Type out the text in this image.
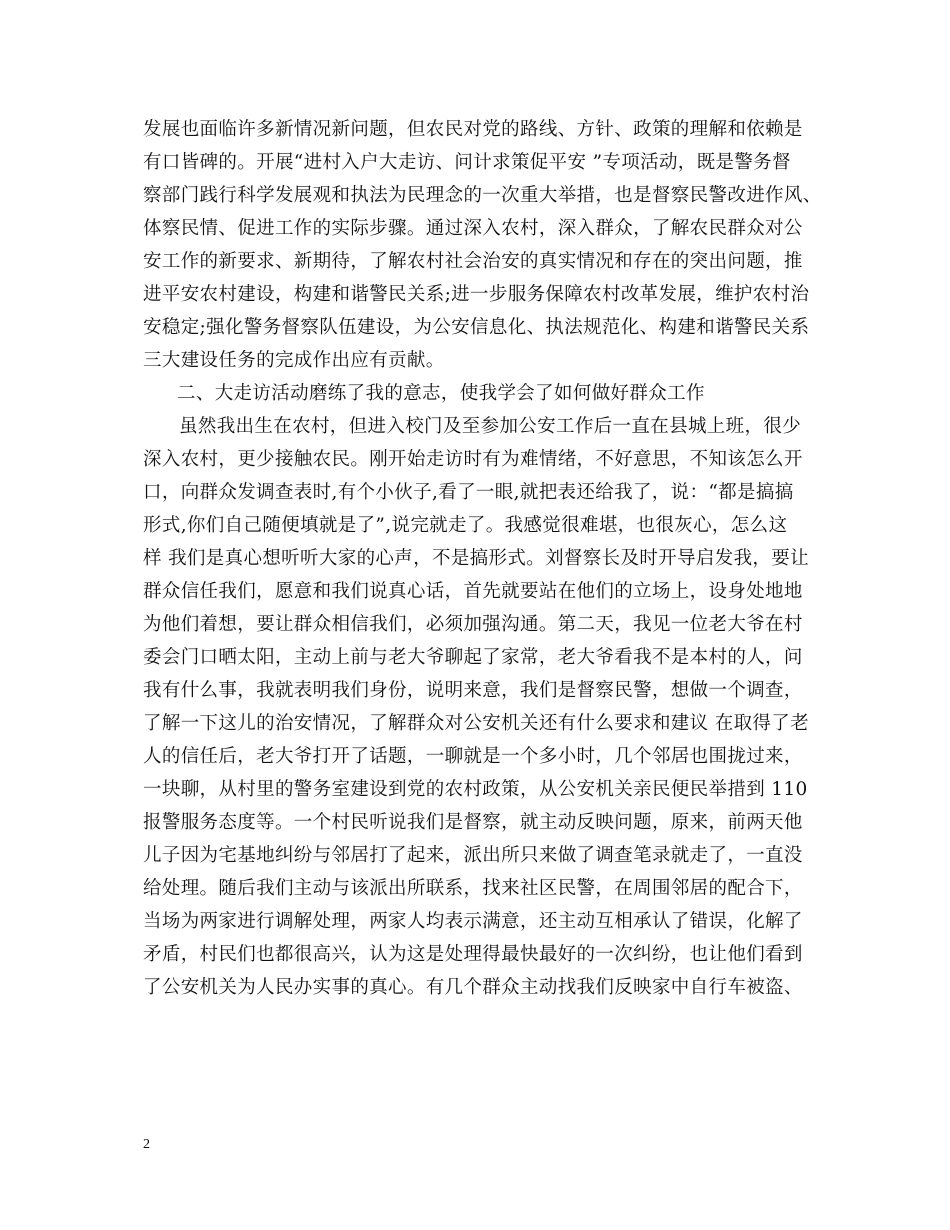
发展也面临许多新情况新问题，但农民对党的路线、方针、政策的理解和依赖是
有口皆碑的。开展“进村入户大走访、问计求策促平安 ”专项活动，既是警务督
察部门践行科学发展观和执法为民理念的一次重大举措，也是督察民警改进作风、
体察民情、促进工作的实际步骤。通过深入农村，深入群众，了解农民群众对公
安工作的新要求、新期待，了解农村社会治安的真实情况和存在的突出问题，推
进平安农村建设，构建和谐警民关系;进一步服务保障农村改革发展，维护农村治
安稳定;强化警务督察队伍建设，为公安信息化、执法规范化、构建和谐警民关系
三大建设任务的完成作出应有贡献。
二、大走访活动磨练了我的意志，使我学会了如何做好群众工作
虽然我出生在农村，但进入校门及至参加公安工作后一直在县城上班，很少
深入农村，更少接触农民。刚开始走访时有为难情绪，不好意思，不知该怎么开
口，向群众发调查表时,有个小伙子,看了一眼,就把表还给我了，说：“都是搞搞
形式,你们自己随便填就是了”,说完就走了。我感觉很难堪，也很灰心，怎么这
样 我们是真心想听听大家的心声，不是搞形式。刘督察长及时开导启发我，要让
群众信任我们，愿意和我们说真心话，首先就要站在他们的立场上，设身处地地
为他们着想，要让群众相信我们，必须加强沟通。第二天，我见一位老大爷在村
委会门口晒太阳，主动上前与老大爷聊起了家常，老大爷看我不是本村的人，问
我有什么事，我就表明我们身份，说明来意，我们是督察民警，想做一个调查，
了解一下这儿的治安情况，了解群众对公安机关还有什么要求和建议 在取得了老
人的信任后，老大爷打开了话题，一聊就是一个多小时，几个邻居也围拢过来，
一块聊，从村里的警务室建设到党的农村政策，从公安机关亲民便民举措到 110
报警服务态度等。一个村民听说我们是督察，就主动反映问题，原来，前两天他
儿子因为宅基地纠纷与邻居打了起来，派出所只来做了调查笔录就走了，一直没
给处理。随后我们主动与该派出所联系，找来社区民警，在周围邻居的配合下，
当场为两家进行调解处理，两家人均表示满意，还主动互相承认了错误，化解了
矛盾，村民们也都很高兴，认为这是处理得最快最好的一次纠纷，也让他们看到
了公安机关为人民办实事的真心。有几个群众主动找我们反映家中自行车被盗、
2
